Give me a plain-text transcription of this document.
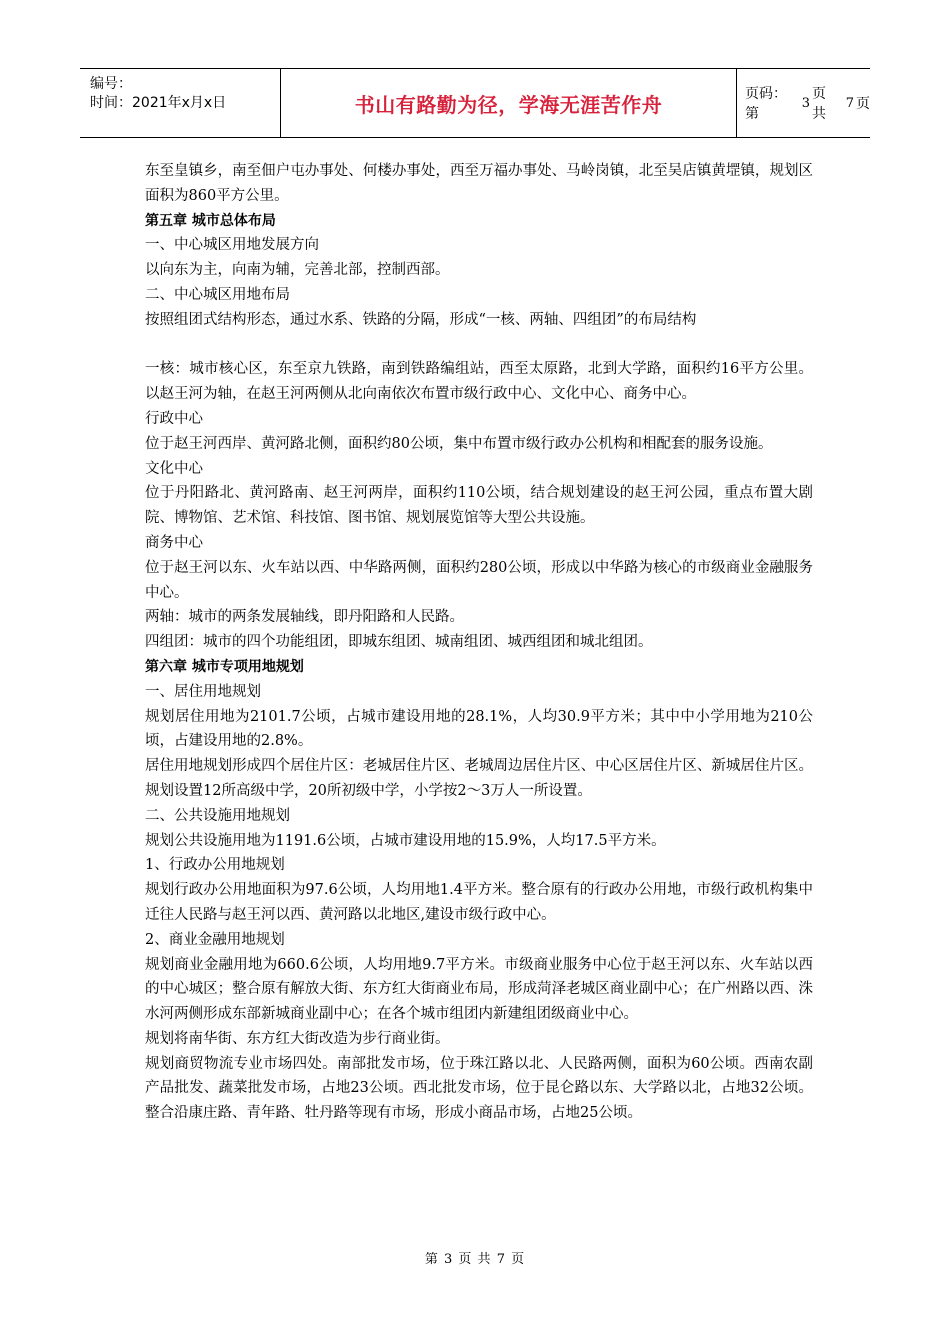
编号：
时间：2021年x月x日	书山有路勤为径，学海无涯苦作舟	页码：第
3
页 共
7 页

东至皇镇乡，南至佃户屯办事处、何楼办事处，西至万福办事处、马岭岗镇，北至吴店镇黄堽镇，规划区面积为860平方公里。

第五章 城市总体布局

一、中心城区用地发展方向

以向东为主，向南为辅，完善北部，控制西部。

二、中心城区用地布局

按照组团式结构形态，通过水系、铁路的分隔，形成“一核、两轴、四组团”的布局结构

一核：城市核心区，东至京九铁路，南到铁路编组站，西至太原路，北到大学路，面积约16平方公里。以赵王河为轴，在赵王河两侧从北向南依次布置市级行政中心、文化中心、商务中心。

行政中心

位于赵王河西岸、黄河路北侧，面积约80公顷，集中布置市级行政办公机构和相配套的服务设施。

文化中心

位于丹阳路北、黄河路南、赵王河两岸，面积约110公顷，结合规划建设的赵王河公园，重点布置大剧院、博物馆、艺术馆、科技馆、图书馆、规划展览馆等大型公共设施。

商务中心

位于赵王河以东、火车站以西、中华路两侧，面积约280公顷，形成以中华路为核心的市级商业金融服务中心。

两轴：城市的两条发展轴线，即丹阳路和人民路。

四组团：城市的四个功能组团，即城东组团、城南组团、城西组团和城北组团。

第六章 城市专项用地规划

一、居住用地规划

规划居住用地为2101.7公顷，占城市建设用地的28.1%，人均30.9平方米；其中中小学用地为210公顷，占建设用地的2.8%。

居住用地规划形成四个居住片区：老城居住片区、老城周边居住片区、中心区居住片区、新城居住片区。规划设置12所高级中学，20所初级中学，小学按2～3万人一所设置。

二、公共设施用地规划

规划公共设施用地为1191.6公顷，占城市建设用地的15.9%，人均17.5平方米。

1、行政办公用地规划

规划行政办公用地面积为97.6公顷，人均用地1.4平方米。整合原有的行政办公用地，市级行政机构集中迁往人民路与赵王河以西、黄河路以北地区,建设市级行政中心。

2、商业金融用地规划

规划商业金融用地为660.6公顷，人均用地9.7平方米。市级商业服务中心位于赵王河以东、火车站以西的中心城区；整合原有解放大街、东方红大街商业布局，形成菏泽老城区商业副中心；在广州路以西、洙水河两侧形成东部新城商业副中心；在各个城市组团内新建组团级商业中心。

规划将南华街、东方红大街改造为步行商业街。

规划商贸物流专业市场四处。南部批发市场，位于珠江路以北、人民路两侧，面积为60公顷。西南农副产品批发、蔬菜批发市场，占地23公顷。西北批发市场，位于昆仑路以东、大学路以北，占地32公顷。整合沿康庄路、青年路、牡丹路等现有市场，形成小商品市场，占地25公顷。

第 3 页 共 7 页
